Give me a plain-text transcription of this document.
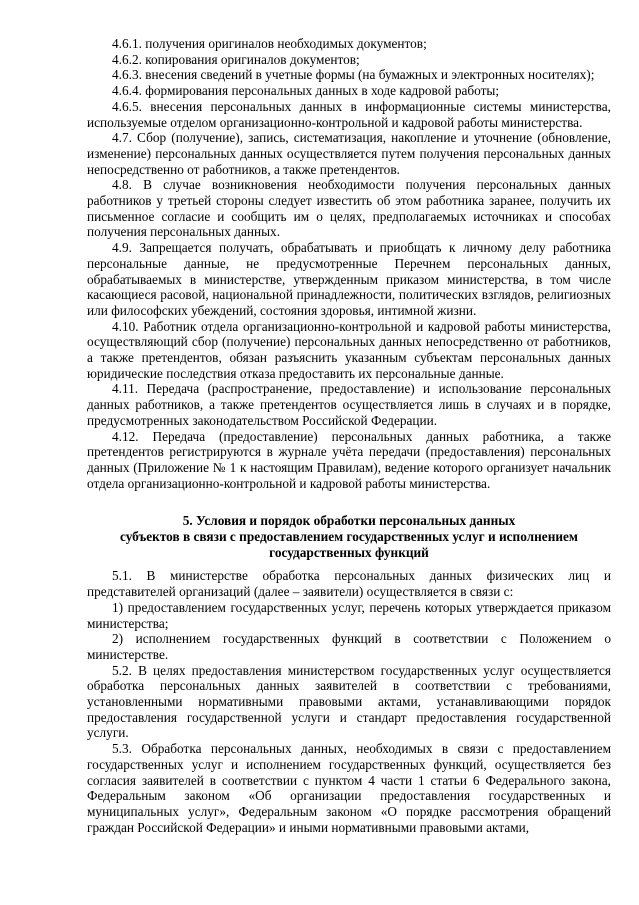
4.6.1. получения оригиналов необходимых документов;

4.6.2. копирования оригиналов документов;

4.6.3. внесения сведений в учетные формы (на бумажных и электронных носителях);

4.6.4. формирования персональных данных в ходе кадровой работы;

4.6.5. внесения персональных данных в информационные системы министерства, используемые отделом организационно-контрольной и кадровой работы министерства.

4.7. Сбор (получение), запись, систематизация, накопление и уточнение (обновление, изменение) персональных данных осуществляется путем получения персональных данных непосредственно от работников, а также претендентов.

4.8. В случае возникновения необходимости получения персональных данных работников у третьей стороны следует известить об этом работника заранее, получить их письменное согласие и сообщить им о целях, предполагаемых источниках и способах получения персональных данных.

4.9. Запрещается получать, обрабатывать и приобщать к личному делу работника персональные данные, не предусмотренные Перечнем персональных данных, обрабатываемых в министерстве, утвержденным приказом министерства, в том числе касающиеся расовой, национальной принадлежности, политических взглядов, религиозных или философских убеждений, состояния здоровья, интимной жизни.

4.10. Работник отдела организационно-контрольной и кадровой работы министерства, осуществляющий сбор (получение) персональных данных непосредственно от работников, а также претендентов, обязан разъяснить указанным субъектам персональных данных юридические последствия отказа предоставить их персональные данные.

4.11. Передача (распространение, предоставление) и использование персональных данных работников, а также претендентов осуществляется лишь в случаях и в порядке, предусмотренных законодательством Российской Федерации.

4.12. Передача (предоставление) персональных данных работника, а также претендентов регистрируются в журнале учёта передачи (предоставления) персональных данных (Приложение № 1 к настоящим Правилам), ведение которого организует начальник отдела организационно-контрольной и кадровой работы министерства.

5. Условия и порядок обработки персональных данных
субъектов в связи с предоставлением государственных услуг и исполнением
государственных функций

5.1. В министерстве обработка персональных данных физических лиц и представителей организаций (далее – заявители) осуществляется в связи с:

1) предоставлением государственных услуг, перечень которых утверждается приказом министерства;

2) исполнением государственных функций в соответствии с Положением о министерстве.

5.2. В целях предоставления министерством государственных услуг осуществляется обработка персональных данных заявителей в соответствии с требованиями, установленными нормативными правовыми актами, устанавливающими порядок предоставления государственной услуги и стандарт предоставления государственной услуги.

5.3. Обработка персональных данных, необходимых в связи с предоставлением государственных услуг и исполнением государственных функций, осуществляется без согласия заявителей в соответствии с пунктом 4 части 1 статьи 6 Федерального закона, Федеральным законом «Об организации предоставления государственных и муниципальных услуг», Федеральным законом «О порядке рассмотрения обращений граждан Российской Федерации» и иными нормативными правовыми актами,
